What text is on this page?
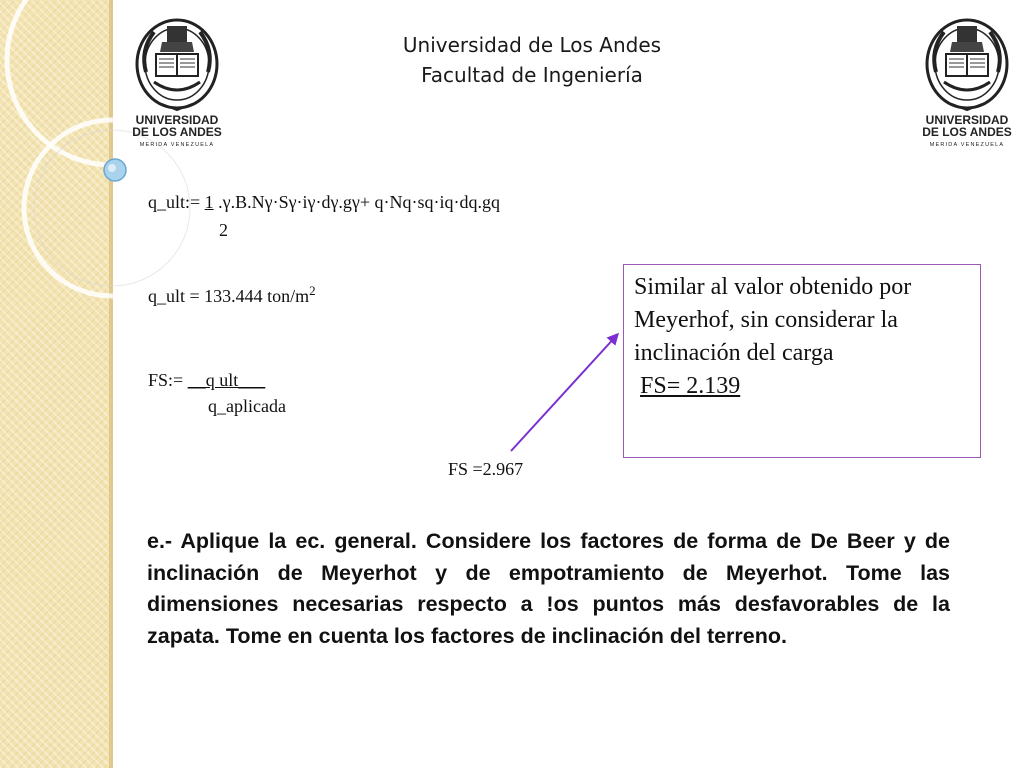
UNIVERSIDAD
DE LOS ANDES
MERIDA VENEZUELA
UNIVERSIDAD
DE LOS ANDES
MERIDA VENEZUELA
Universidad de Los Andes
Facultad de Ingeniería
q_ult:= 1 .γ.B.Nγ·Sγ·iγ·dγ.gγ+ q·Nq·sq·iq·dq.gq
2
q_ult = 133.444 ton/$m^2$
FS:= __q ult___
q_aplicada
FS =2.967
Similar al valor obtenido por
Meyerhof, sin considerar la
inclinación del carga
FS= 2.139
e.- Aplique la ec. general. Considere los factores de forma de De Beer y de inclinación de Meyerhot y de empotramiento de Meyerhot. Tome las dimensiones necesarias respecto a !os puntos más desfavorables de la zapata. Tome en cuenta los factores de inclinación del terreno.
